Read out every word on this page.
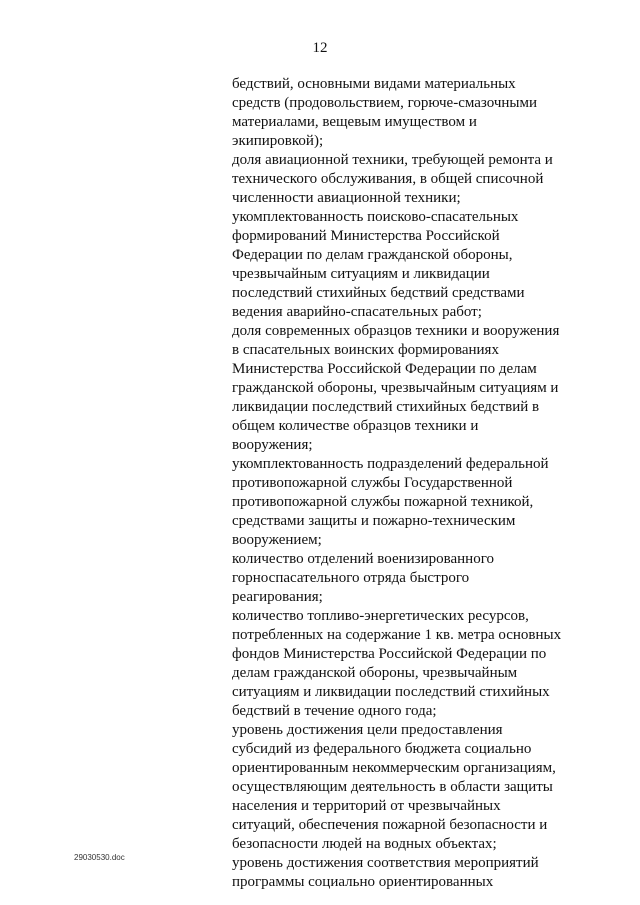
12
бедствий, основными видами материальных
средств (продовольствием, горюче-смазочными
материалами, вещевым имуществом и
экипировкой);
доля авиационной техники, требующей ремонта и
технического обслуживания, в общей списочной
численности авиационной техники;
укомплектованность поисково-спасательных
формирований Министерства Российской
Федерации по делам гражданской обороны,
чрезвычайным ситуациям и ликвидации
последствий стихийных бедствий средствами
ведения аварийно-спасательных работ;
доля современных образцов техники и вооружения
в спасательных воинских формированиях
Министерства Российской Федерации по делам
гражданской обороны, чрезвычайным ситуациям и
ликвидации последствий стихийных бедствий в
общем количестве образцов техники и
вооружения;
укомплектованность подразделений федеральной
противопожарной службы Государственной
противопожарной службы пожарной техникой,
средствами защиты и пожарно-техническим
вооружением;
количество отделений военизированного
горноспасательного отряда быстрого
реагирования;
количество топливо-энергетических ресурсов,
потребленных на содержание 1 кв. метра основных
фондов Министерства Российской Федерации по
делам гражданской обороны, чрезвычайным
ситуациям и ликвидации последствий стихийных
бедствий в течение одного года;
уровень достижения цели предоставления
субсидий из федерального бюджета социально
ориентированным некоммерческим организациям,
осуществляющим деятельность в области защиты
населения и территорий от чрезвычайных
ситуаций, обеспечения пожарной безопасности и
безопасности людей на водных объектах;
уровень достижения соответствия мероприятий
программы социально ориентированных
29030530.doc
